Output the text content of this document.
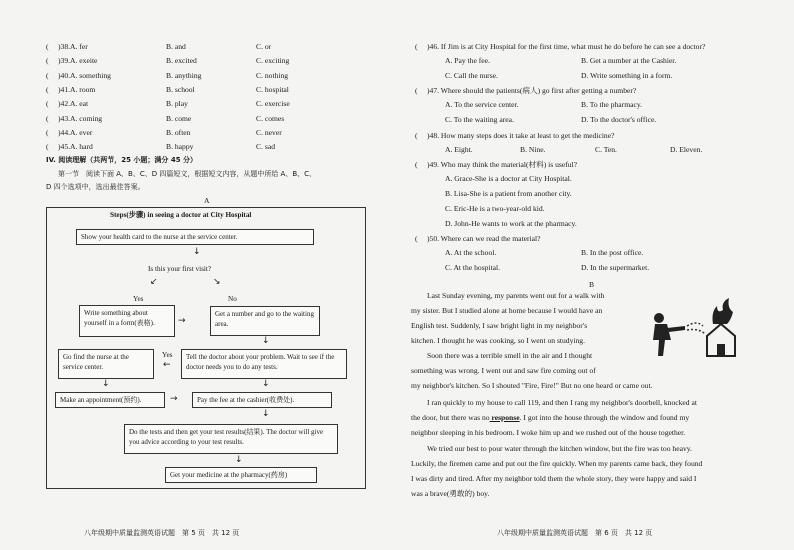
( )38.A. fer	B. and	C. or
( )39.A. exeite	B. excited	C. exciting
( )40.A. something	B. anything	C. nothing
( )41.A. room	B. school	C. hospital
( )42.A. eat	B. play	C. exercise
( )43.A. coming	B. come	C. comes
( )44.A. ever	B. often	C. never
( )45.A. hard	B. happy	C. sad
IV. 阅读理解（共两节，25 小题；满分 45 分）
第一节　阅读下面 A、B、C、D 四篇短文，根据短文内容，从题中所给 A、B、C、
D 四个选项中，选出最佳答案。
A
Steps(步骤) in seeing a doctor at City Hospital
Show your health card to the nurse at the service center.
↓
Is this your first visit?
↙	↘
Yes	No
Write something about yourself in a form(表格).	→
Get a number and go to the waiting area.
↓
Go find the nurse at the service center.
Yes
←
Tell the doctor about your problem. Wait to see if the doctor needs you to do any tests.
↓	↓
Make an appointment(预约).	→	Pay the fee at the cashier(收费处).
↓
Do the tests and then get your test results(结果). The doctor will give you advice according to your test results.
↓
Get your medicine at the pharmacy(药房)
八年级期中质量监测英语试题　第 5 页　共 12 页
( )46. If Jim is at City Hospital for the first time, what must he do before he can see a doctor?
A. Pay the fee.	B. Get a number at the Cashier.
C. Call the nurse.	D. Write something in a form.
( )47. Where should the patients(病人) go first after getting a number?
A. To the service center.	B. To the pharmacy.
C. To the waiting area.	D. To the doctor's office.
( )48. How many steps does it take at least to get the medicine?
A. Eight.	B. Nine.	C. Ten.	D. Eleven.
( )49. Who may think the material(材料) is useful?
A. Grace-She is a doctor at City Hospital.
B. Lisa-She is a patient from another city.
C. Eric-He is a two-year-old kid.
D. John-He wants to work at the pharmacy.
( )50. Where can we read the material?
A. At the school.	B. In the post office.
C. At the hospital.	D. In the supermarket.
B
Last Sunday evening, my parents went out for a walk with
my sister. But I studied alone at home because I would have an
English test. Suddenly, I saw bright light in my neighbor's
kitchen. I thought he was cooking, so I went on studying.
Soon there was a terrible smell in the air and I thought
something was wrong. I went out and saw fire coming out of
my neighbor's kitchen. So I shouted "Fire, Fire!" But no one heard or came out.
I ran quickly to my house to call 119, and then I rang my neighbor's doorbell, knocked at
the door, but there was no response. I got into the house through the window and found my
neighbor sleeping in his bedroom. I woke him up and we rushed out of the house together.
We tried our best to pour water through the kitchen window, but the fire was too heavy.
Luckily, the firemen came and put out the fire quickly. When my parents came back, they found
I was dirty and tired. After my neighbor told them the whole story, they were happy and said I
was a brave(勇敢的) boy.
八年级期中质量监测英语试题　第 6 页　共 12 页
